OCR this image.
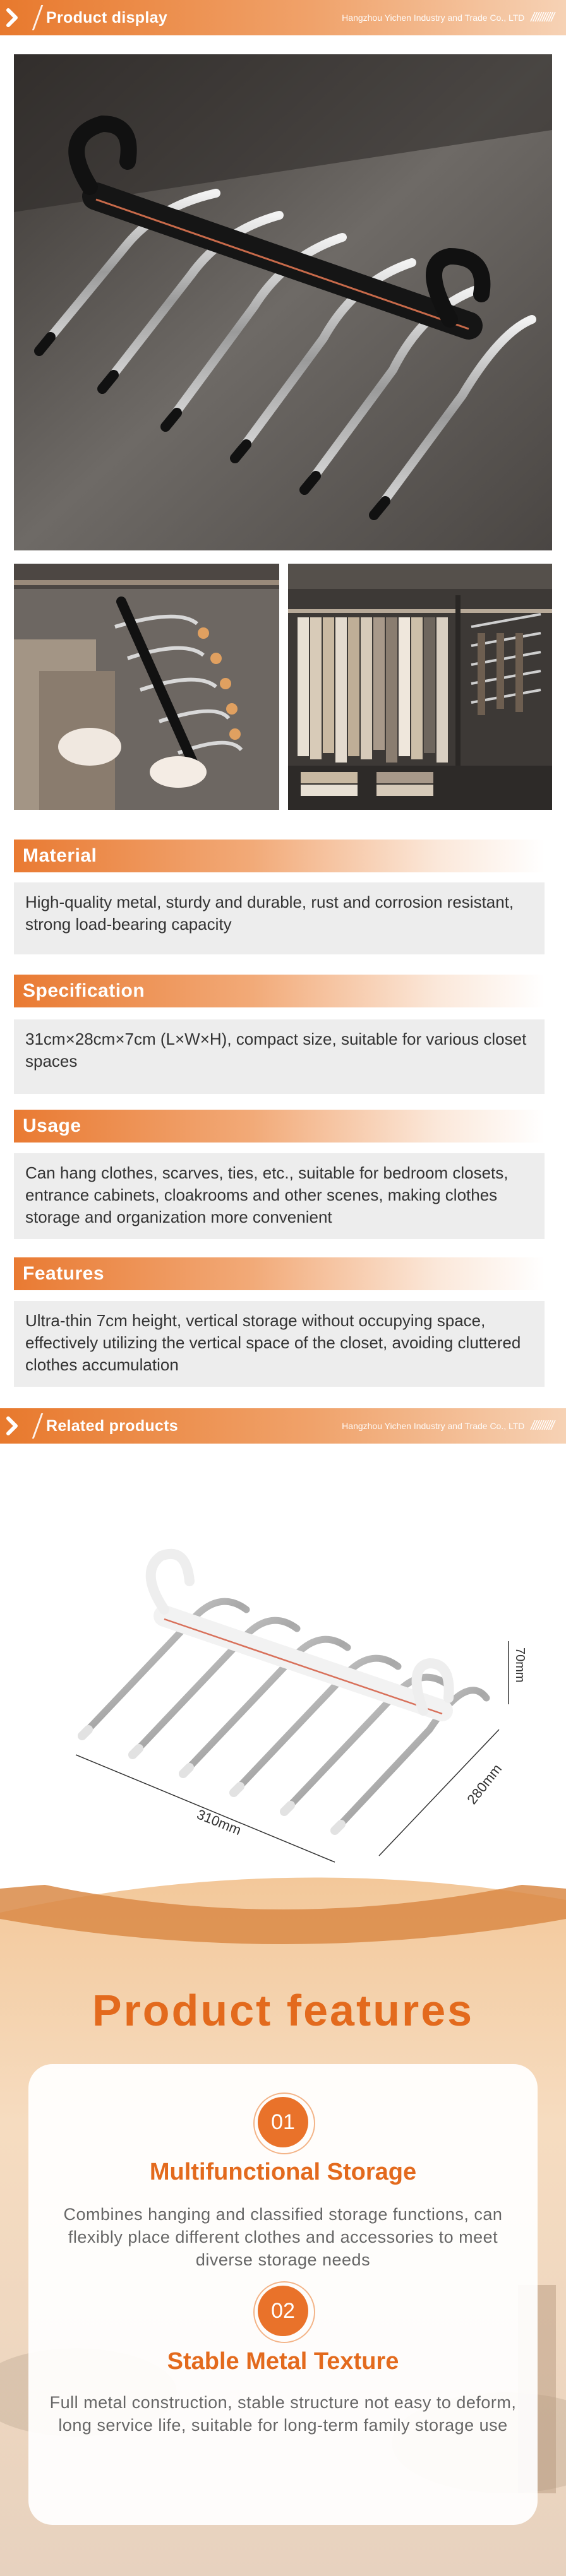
Product display	Hangzhou Yichen Industry and Trade Co., LTD //////////
Material
High-quality metal, sturdy and durable, rust and corrosion resistant, strong load-bearing capacity
Specification
31cm×28cm×7cm (L×W×H), compact size, suitable for various closet spaces
Usage
Can hang clothes, scarves, ties, etc., suitable for bedroom closets, entrance cabinets, cloakrooms and other scenes, making clothes storage and organization more convenient
Features
Ultra-thin 7cm height, vertical storage without occupying space, effectively utilizing the vertical space of the closet, avoiding cluttered clothes accumulation
Related products	Hangzhou Yichen Industry and Trade Co., LTD //////////
310mm
280mm
70mm
Product features
01
Multifunctional Storage
Combines hanging and classified storage functions, can flexibly place different clothes and accessories to meet diverse storage needs
02
Stable Metal Texture
Full metal construction, stable structure not easy to deform, long service life, suitable for long-term family storage use
